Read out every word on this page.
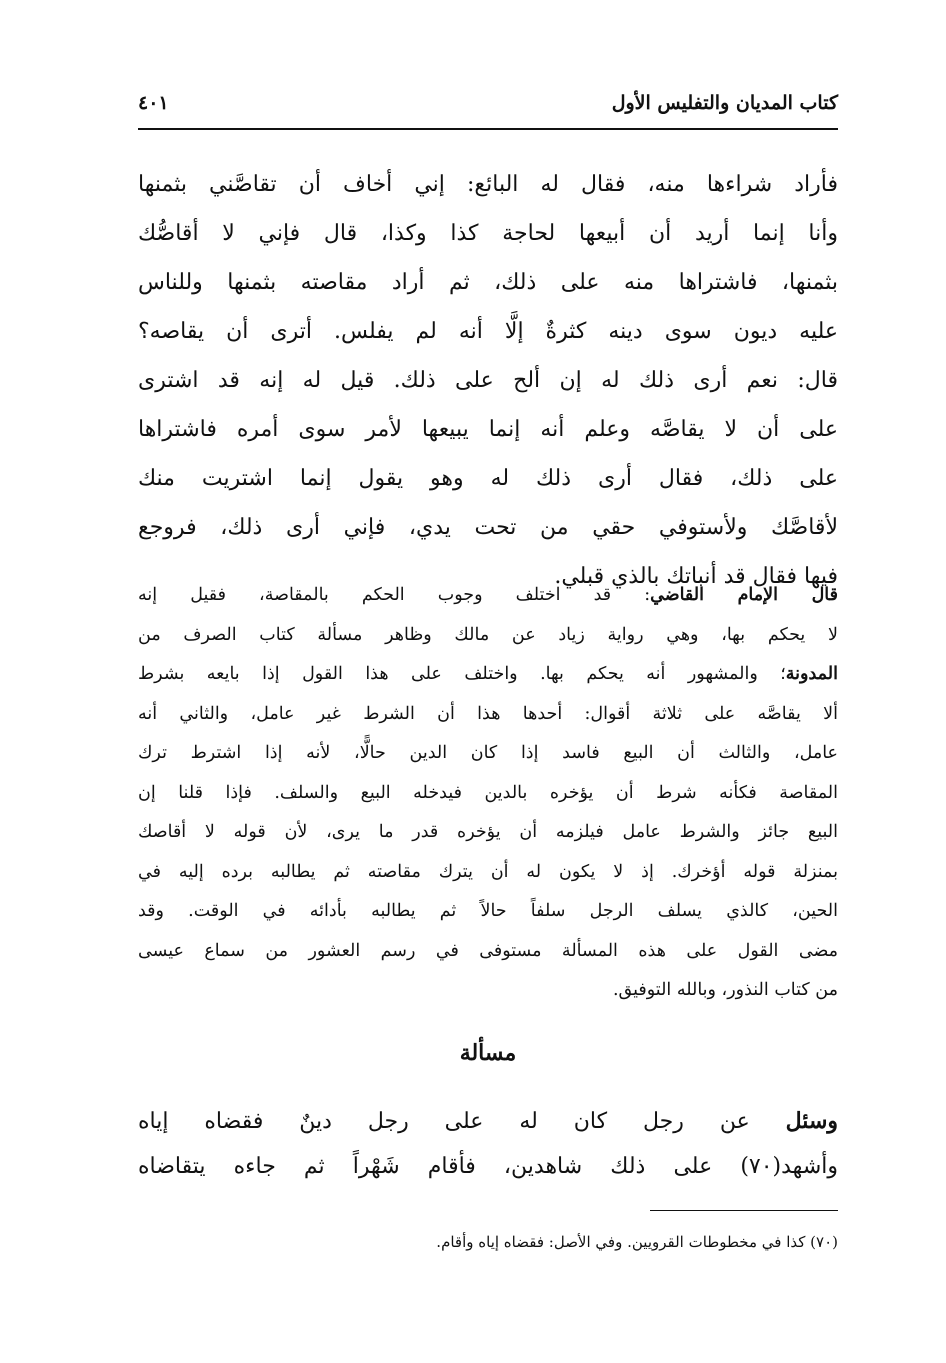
كتاب المديان والتفليس الأول
٤٠١
فأراد شراءها منه، فقال له البائع: إني أخاف أن تقاصَّني بثمنها
وأنا إنما أريد أن أبيعها لحاجة كذا وكذا، قال فإني لا أقاصُّك
بثمنها، فاشتراها منه على ذلك، ثم أراد مقاصته بثمنها وللناس
عليه ديون سوى دينه كثرةٌ إلَّا أنه لم يفلس. أترى أن يقاصه؟
قال: نعم أرى ذلك له إن ألح على ذلك. قيل له إنه قد اشترى
على أن لا يقاصَّه وعلم أنه إنما يبيعها لأمر سوى أمره فاشتراها
على ذلك، فقال أرى ذلك له وهو يقول إنما اشتريت منك
لأقاصَّك ولأستوفي حقي من تحت يدي، فإني أرى ذلك، فروجع
فيها فقال قد أنباتك بالذي قبلي.
قال الإمام القاضي: قد اختلف وجوب الحكم بالمقاصة، فقيل إنه
لا يحكم بها، وهي رواية زياد عن مالك وظاهر مسألة كتاب الصرف من
المدونة؛ والمشهور أنه يحكم بها. واختلف على هذا القول إذا بايعه بشرط
ألا يقاصَّه على ثلاثة أقوال: أحدها هذا أن الشرط غير عامل، والثاني أنه
عامل، والثالث أن البيع فاسد إذا كان الدين حالًّا، لأنه إذا اشترط ترك
المقاصة فكأنه شرط أن يؤخره بالدين فيدخله البيع والسلف. فإذا قلنا إن
البيع جائز والشرط عامل فيلزمه أن يؤخره قدر ما يرى، لأن قوله لا أقاصك
بمنزلة قوله أؤخرك. إذ لا يكون له أن يترك مقاصته ثم يطالبه برده إليه في
الحين، كالذي يسلف الرجل سلفاً حالاً ثم يطالبه بأدائه في الوقت. وقد
مضى القول على هذه المسألة مستوفى في رسم العشور من سماع عيسى
من كتاب النذور، وبالله التوفيق.
مسألة
وسئل عن رجل كان له على رجل دينٌ فقضاه إياه
وأشهد(٧٠) على ذلك شاهدين، فأقام شَهْراً ثم جاءه يتقاضاه
(٧٠) كذا في مخطوطات القرويين. وفي الأصل: فقضاه إياه وأقام.
